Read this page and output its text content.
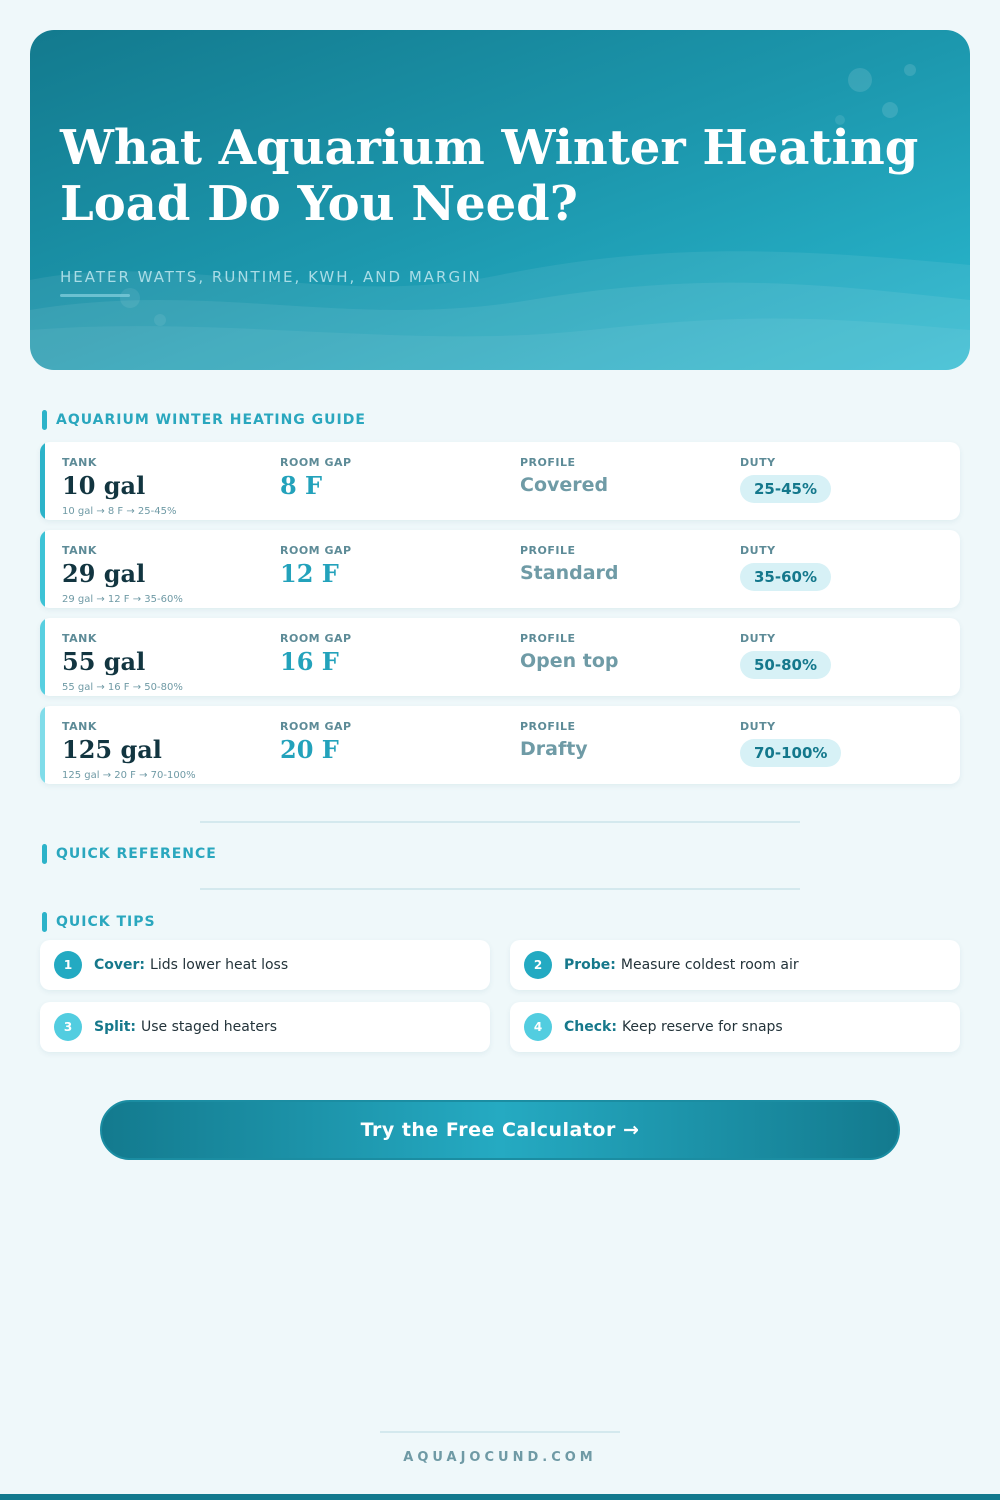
What Aquarium Winter Heating Load Do You Need?
HEATER WATTS, RUNTIME, KWH, AND MARGIN
AQUARIUM WINTER HEATING GUIDE
TANK
10 gal
ROOM GAP
8 F
PROFILE
Covered
DUTY
25-45%
10 gal → 8 F → 25-45%
TANK
29 gal
ROOM GAP
12 F
PROFILE
Standard
DUTY
35-60%
29 gal → 12 F → 35-60%
TANK
55 gal
ROOM GAP
16 F
PROFILE
Open top
DUTY
50-80%
55 gal → 16 F → 50-80%
TANK
125 gal
ROOM GAP
20 F
PROFILE
Drafty
DUTY
70-100%
125 gal → 20 F → 70-100%
QUICK REFERENCE
QUICK TIPS
1	Cover: Lids lower heat loss	2	Probe: Measure coldest room air
3	Split: Use staged heaters	4	Check: Keep reserve for snaps
Try the Free Calculator →
AQUAJOCUND.COM
